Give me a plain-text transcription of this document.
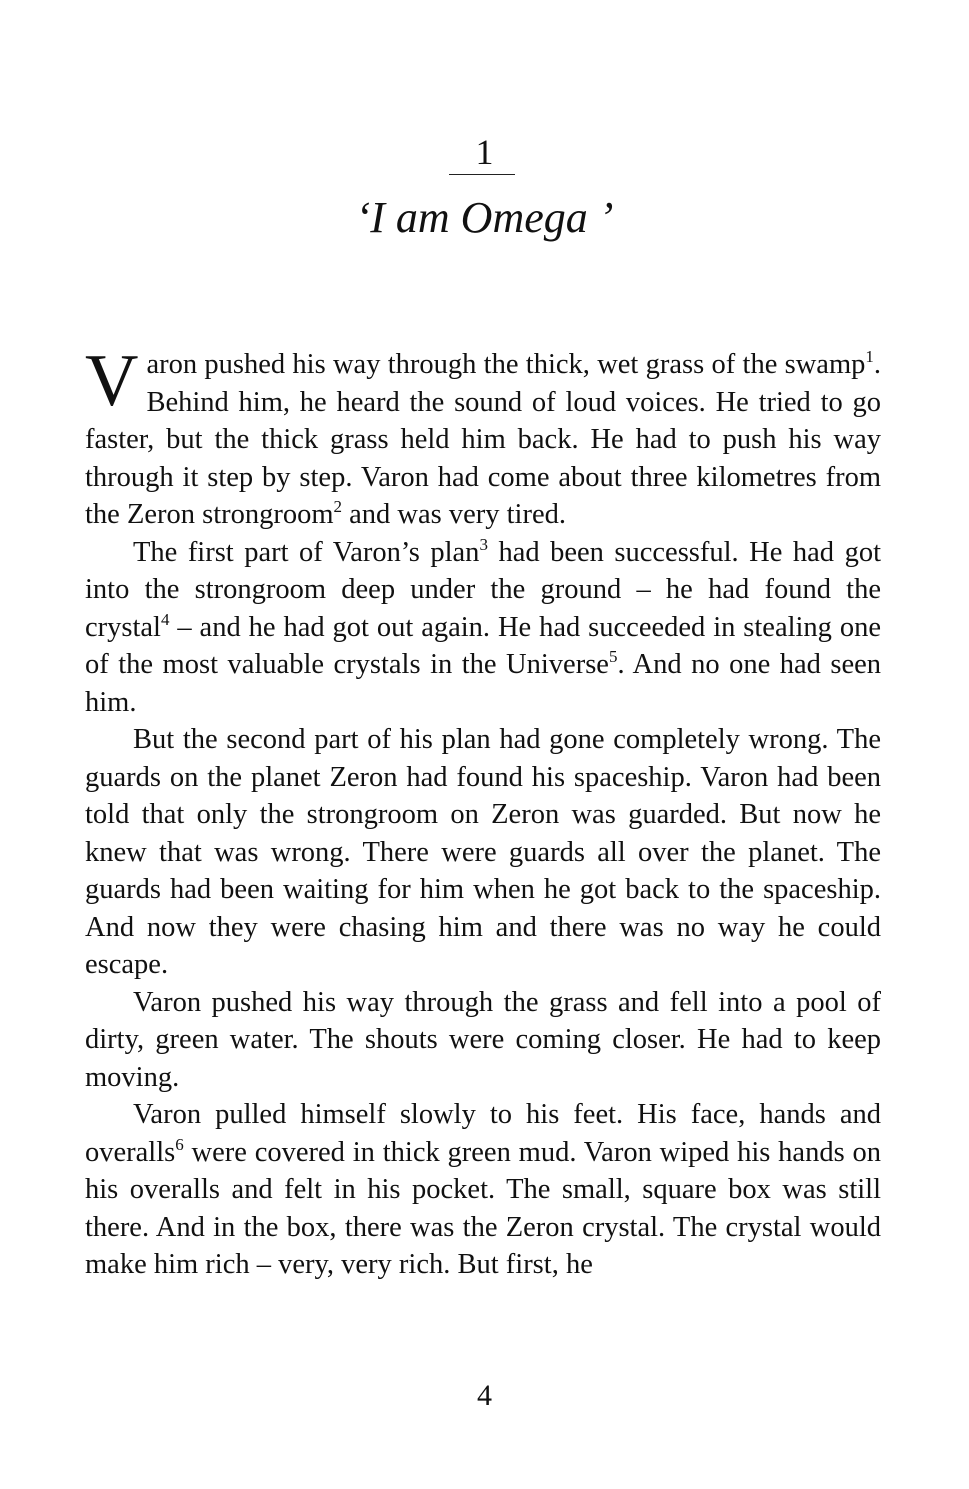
1
‘I am Omega ’

Varon pushed his way through the thick, wet grass of the swamp$^1$. Behind him, he heard the sound of loud voices. He tried to go faster, but the thick grass held him back. He had to push his way through it step by step. Varon had come about three kilometres from the Zeron strongroom$^2$ and was very tired.

The first part of Varon’s plan$^3$ had been successful. He had got into the strongroom deep under the ground – he had found the crystal$^4$ – and he had got out again. He had succeeded in stealing one of the most valuable crystals in the Universe$^5$. And no one had seen him.

But the second part of his plan had gone completely wrong. The guards on the planet Zeron had found his spaceship. Varon had been told that only the strongroom on Zeron was guarded. But now he knew that was wrong. There were guards all over the planet. The guards had been waiting for him when he got back to the spaceship. And now they were chasing him and there was no way he could escape.

Varon pushed his way through the grass and fell into a pool of dirty, green water. The shouts were coming closer. He had to keep moving.

Varon pulled himself slowly to his feet. His face, hands and overalls$^6$ were covered in thick green mud. Varon wiped his hands on his overalls and felt in his pocket. The small, square box was still there. And in the box, there was the Zeron crystal. The crystal would make him rich – very, very rich. But first, he

4
